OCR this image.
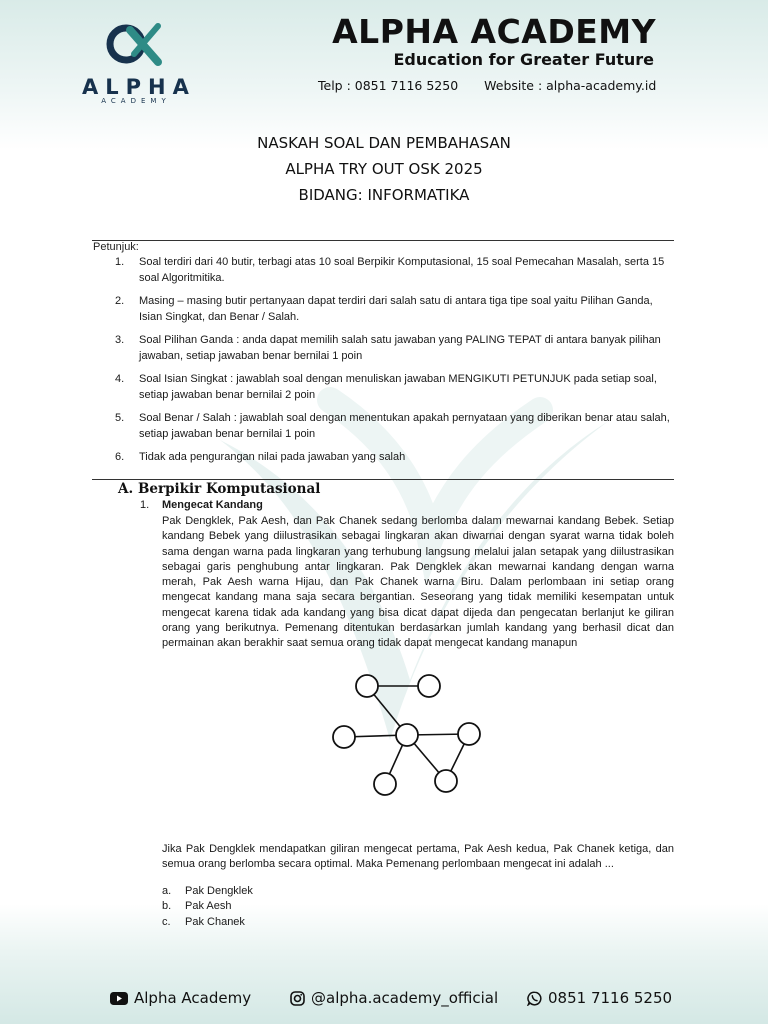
ALPHA
ACADEMY
ALPHA ACADEMY
Education for Greater Future
Telp : 0851 7116 5250 Website : alpha-academy.id
NASKAH SOAL DAN PEMBAHASAN
ALPHA TRY OUT OSK 2025
BIDANG: INFORMATIKA
Petunjuk:
1. Soal terdiri dari 40 butir, terbagi atas 10 soal Berpikir Komputasional, 15 soal Pemecahan Masalah, serta 15 soal Algoritmitika.
2. Masing – masing butir pertanyaan dapat terdiri dari salah satu di antara tiga tipe soal yaitu Pilihan Ganda, Isian Singkat, dan Benar / Salah.
3. Soal Pilihan Ganda : anda dapat memilih salah satu jawaban yang PALING TEPAT di antara banyak pilihan jawaban, setiap jawaban benar bernilai 1 poin
4. Soal Isian Singkat : jawablah soal dengan menuliskan jawaban MENGIKUTI PETUNJUK pada setiap soal, setiap jawaban benar bernilai 2 poin
5. Soal Benar / Salah : jawablah soal dengan menentukan apakah pernyataan yang diberikan benar atau salah, setiap jawaban benar bernilai 1 poin
6. Tidak ada pengurangan nilai pada jawaban yang salah
A. Berpikir Komputasional
1. Mengecat Kandang
Pak Dengklek, Pak Aesh, dan Pak Chanek sedang berlomba dalam mewarnai kandang Bebek. Setiap kandang Bebek yang diilustrasikan sebagai lingkaran akan diwarnai dengan syarat warna tidak boleh sama dengan warna pada lingkaran yang terhubung langsung melalui jalan setapak yang diilustrasikan sebagai garis penghubung antar lingkaran. Pak Dengklek akan mewarnai kandang dengan warna merah, Pak Aesh warna Hijau, dan Pak Chanek warna Biru. Dalam perlombaan ini setiap orang mengecat kandang mana saja secara bergantian. Seseorang yang tidak memiliki kesempatan untuk mengecat karena tidak ada kandang yang bisa dicat dapat dijeda dan pengecatan berlanjut ke giliran orang yang berikutnya. Pemenang ditentukan berdasarkan jumlah kandang yang berhasil dicat dan permainan akan berakhir saat semua orang tidak dapat mengecat kandang manapun
Jika Pak Dengklek mendapatkan giliran mengecat pertama, Pak Aesh kedua, Pak Chanek ketiga, dan semua orang berlomba secara optimal. Maka Pemenang perlombaan mengecat ini adalah ...
a. Pak Dengklek
b. Pak Aesh
c. Pak Chanek
Alpha Academy	@alpha.academy_official	0851 7116 5250
